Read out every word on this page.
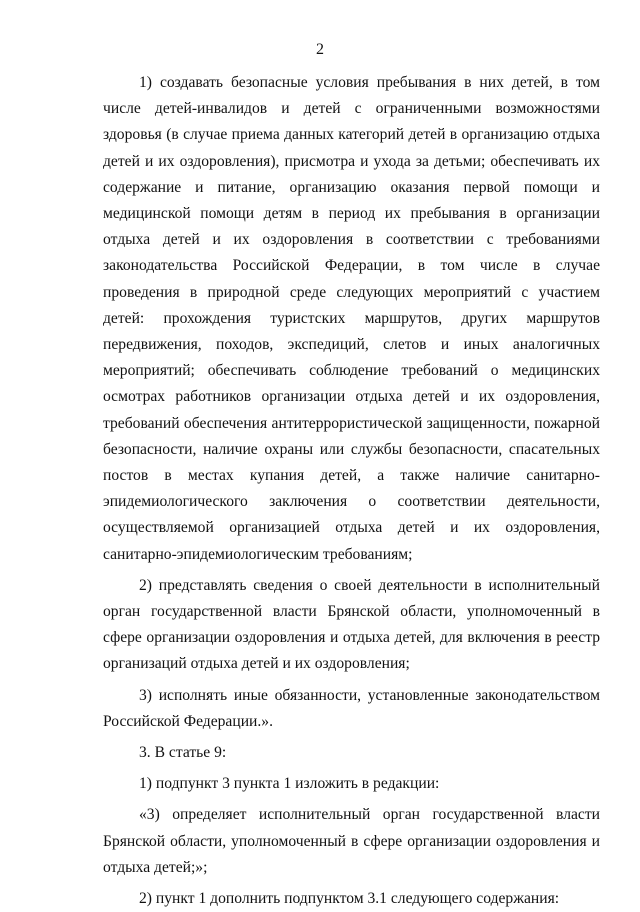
2

1) создавать безопасные условия пребывания в них детей, в том числе детей-инвалидов и детей с ограниченными возможностями здоровья (в случае приема данных категорий детей в организацию отдыха детей и их оздоровления), присмотра и ухода за детьми; обеспечивать их содержание и питание, организацию оказания первой помощи и медицинской помощи детям в период их пребывания в организации отдыха детей и их оздоровления в соответствии с требованиями законодательства Российской Федерации, в том числе в случае проведения в природной среде следующих мероприятий с участием детей: прохождения туристских маршрутов, других маршрутов передвижения, походов, экспедиций, слетов и иных аналогичных мероприятий; обеспечивать соблюдение требований о медицинских осмотрах работников организации отдыха детей и их оздоровления, требований обеспечения антитеррористической защищенности, пожарной безопасности, наличие охраны или службы безопасности, спасательных постов в местах купания детей, а также наличие санитарно-эпидемиологического заключения о соответствии деятельности, осуществляемой организацией отдыха детей и их оздоровления, санитарно-эпидемиологическим требованиям;

2) представлять сведения о своей деятельности в исполнительный орган государственной власти Брянской области, уполномоченный в сфере организации оздоровления и отдыха детей, для включения в реестр организаций отдыха детей и их оздоровления;

3) исполнять иные обязанности, установленные законодательством Российской Федерации.».

3. В статье 9:

1) подпункт 3 пункта 1 изложить в редакции:

«3) определяет исполнительный орган государственной власти Брянской области, уполномоченный в сфере организации оздоровления и отдыха детей;»;

2) пункт 1 дополнить подпунктом 3.1 следующего содержания:
